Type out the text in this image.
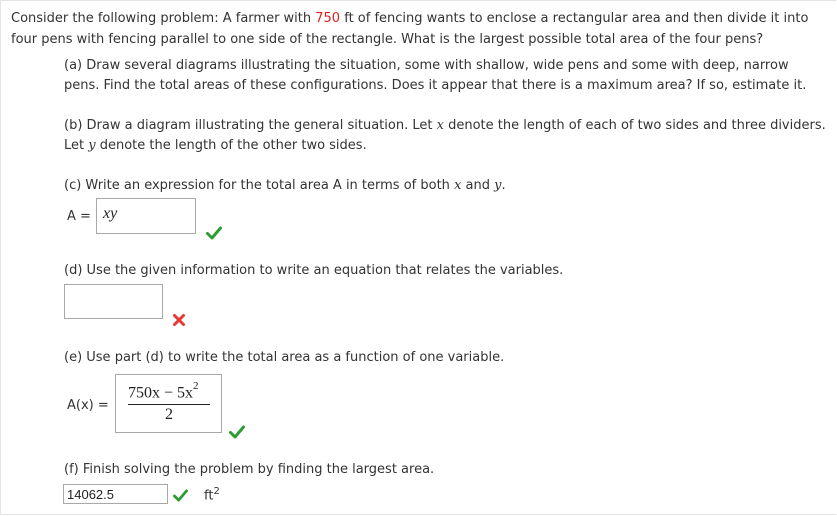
Consider the following problem: A farmer with 750 ft of fencing wants to enclose a rectangular area and then divide it into
four pens with fencing parallel to one side of the rectangle. What is the largest possible total area of the four pens?
(a) Draw several diagrams illustrating the situation, some with shallow, wide pens and some with deep, narrow
pens. Find the total areas of these configurations. Does it appear that there is a maximum area? If so, estimate it.
(b) Draw a diagram illustrating the general situation. Let x denote the length of each of two sides and three dividers.
Let y denote the length of the other two sides.
(c) Write an expression for the total area A in terms of both x and y.
A = xy
(d) Use the given information to write an equation that relates the variables.
(e) Use part (d) to write the total area as a function of one variable.
A(x) =
$750x - 5x^2$
2
(f) Finish solving the problem by finding the largest area.
14062.5	$ft^2$
